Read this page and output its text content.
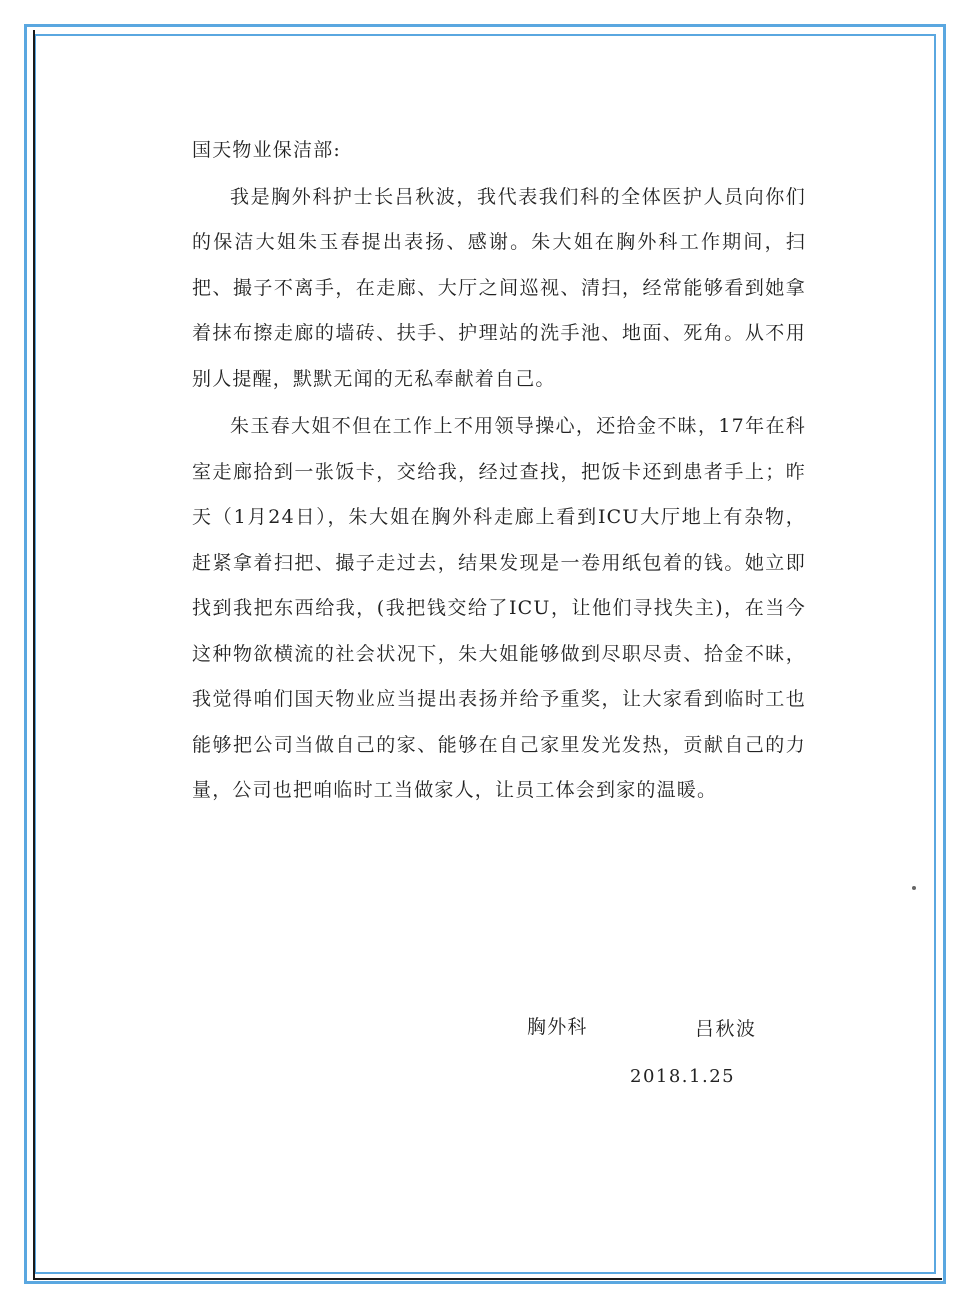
国天物业保洁部:

我是胸外科护士长吕秋波，我代表我们科的全体医护人员向你们的保洁大姐朱玉春提出表扬、感谢。朱大姐在胸外科工作期间，扫把、撮子不离手，在走廊、大厅之间巡视、清扫，经常能够看到她拿着抹布擦走廊的墙砖、扶手、护理站的洗手池、地面、死角。从不用别人提醒，默默无闻的无私奉献着自己。

朱玉春大姐不但在工作上不用领导操心，还拾金不昧，17年在科室走廊拾到一张饭卡，交给我，经过查找，把饭卡还到患者手上；昨天（1月24日），朱大姐在胸外科走廊上看到ICU大厅地上有杂物，赶紧拿着扫把、撮子走过去，结果发现是一卷用纸包着的钱。她立即找到我把东西给我，(我把钱交给了ICU，让他们寻找失主)，在当今这种物欲横流的社会状况下，朱大姐能够做到尽职尽责、拾金不昧，我觉得咱们国天物业应当提出表扬并给予重奖，让大家看到临时工也能够把公司当做自己的家、能够在自己家里发光发热，贡献自己的力量，公司也把咱临时工当做家人，让员工体会到家的温暖。

胸外科	吕秋波
2018.1.25
